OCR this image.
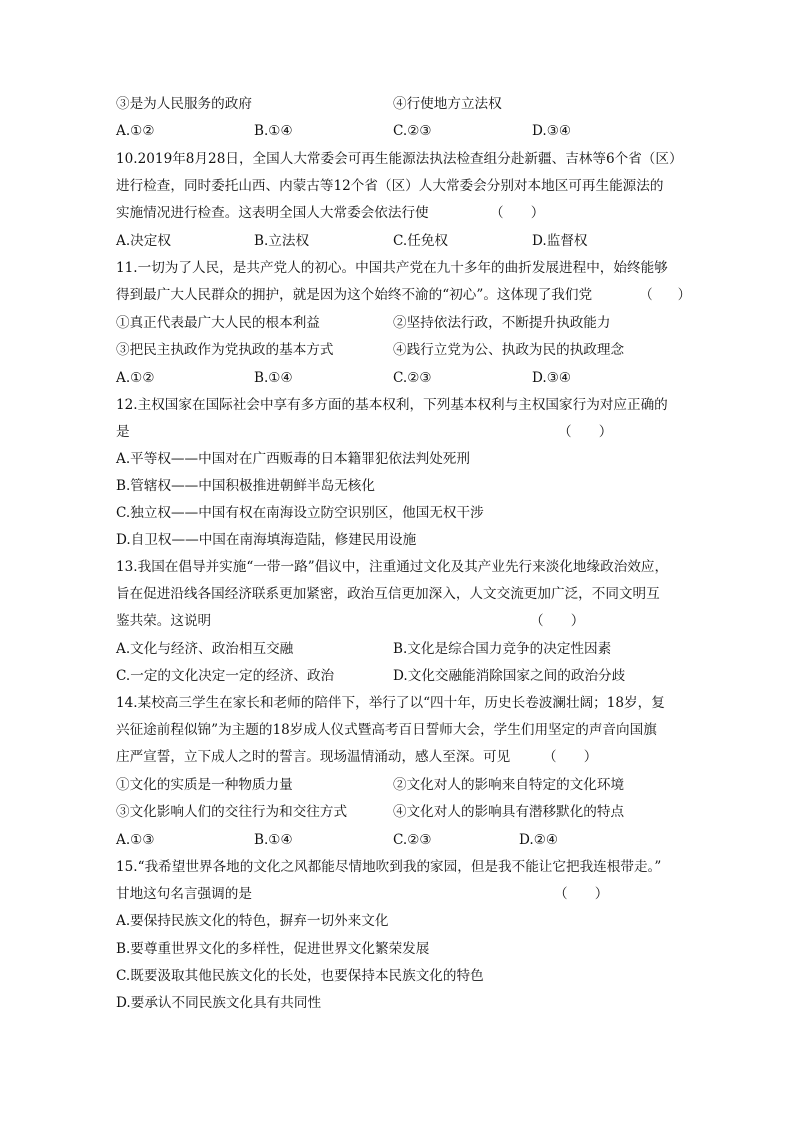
③是为人民服务的政府	④行使地方立法权
A.①②	B.①④	C.②③	D.③④
10.2019年8月28日，全国人大常委会可再生能源法执法检查组分赴新疆、吉林等6个省（区）
进行检查，同时委托山西、内蒙古等12个省（区）人大常委会分别对本地区可再生能源法的
实施情况进行检查。这表明全国人大常委会依法行使	（　　）
A.决定权	B.立法权	C.任免权	D.监督权
11.一切为了人民，是共产党人的初心。中国共产党在九十多年的曲折发展进程中，始终能够
得到最广大人民群众的拥护，就是因为这个始终不渝的“初心”。这体现了我们党	（　　）
①真正代表最广大人民的根本利益	②坚持依法行政，不断提升执政能力
③把民主执政作为党执政的基本方式	④践行立党为公、执政为民的执政理念
A.①②	B.①④	C.②③	D.③④
12.主权国家在国际社会中享有多方面的基本权利，下列基本权利与主权国家行为对应正确的
是	（　　）
A.平等权——中国对在广西贩毒的日本籍罪犯依法判处死刑
B.管辖权——中国积极推进朝鲜半岛无核化
C.独立权——中国有权在南海设立防空识别区，他国无权干涉
D.自卫权——中国在南海填海造陆，修建民用设施
13.我国在倡导并实施“一带一路”倡议中，注重通过文化及其产业先行来淡化地缘政治效应，
旨在促进沿线各国经济联系更加紧密，政治互信更加深入，人文交流更加广泛，不同文明互
鉴共荣。这说明	（　　）
A.文化与经济、政治相互交融	B.文化是综合国力竞争的决定性因素
C.一定的文化决定一定的经济、政治	D.文化交融能消除国家之间的政治分歧
14.某校高三学生在家长和老师的陪伴下，举行了以“四十年，历史长卷波澜壮阔；18岁，复
兴征途前程似锦”为主题的18岁成人仪式暨高考百日誓师大会，学生们用坚定的声音向国旗
庄严宣誓，立下成人之时的誓言。现场温情涌动，感人至深。可见 （　　）
①文化的实质是一种物质力量	②文化对人的影响来自特定的文化环境
③文化影响人们的交往行为和交往方式	④文化对人的影响具有潜移默化的特点
A.①③	B.①④	C.②③	D.②④
15.“我希望世界各地的文化之风都能尽情地吹到我的家园，但是我不能让它把我连根带走。”
甘地这句名言强调的是	（　　）
A.要保持民族文化的特色，摒弃一切外来文化
B.要尊重世界文化的多样性，促进世界文化繁荣发展
C.既要汲取其他民族文化的长处，也要保持本民族文化的特色
D.要承认不同民族文化具有共同性
